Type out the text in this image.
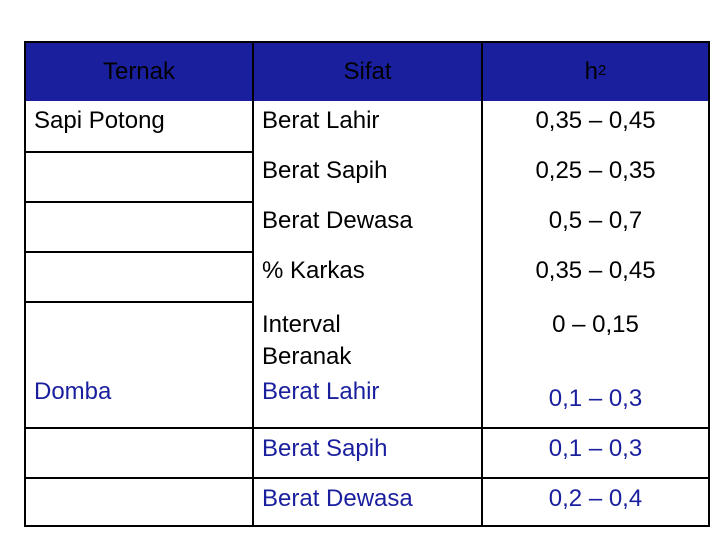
Ternak	Sifat	h 2
Sapi Potong
Domba
Berat Lahir
Berat Sapih
Berat Dewasa
% Karkas
Interval Beranak
Berat Lahir
Berat Sapih
Berat Dewasa
0,35 – 0,45
0,25 – 0,35
0,5 – 0,7
0,35 – 0,45
0 – 0,15
0,1 – 0,3
0,1 – 0,3
0,2 – 0,4
